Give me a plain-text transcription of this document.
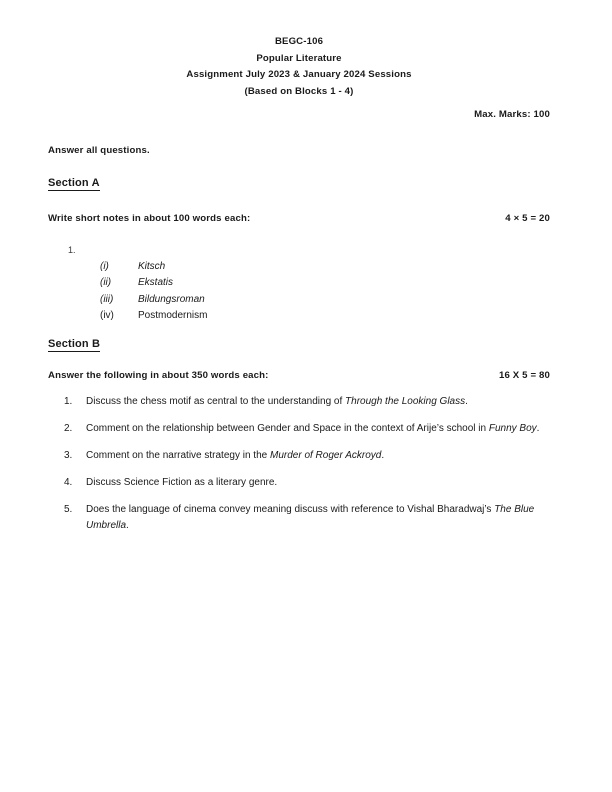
BEGC-106
Popular Literature
Assignment July 2023 & January 2024 Sessions
(Based on Blocks 1 - 4)
Max. Marks: 100
Answer all questions.
Section A
Write short notes in about 100 words each:	4 × 5 = 20
1.
(i)	Kitsch
(ii)	Ekstatis
(iii)	Bildungsroman
(iv)	Postmodernism
Section B
Answer the following in about 350 words each:	16 X 5 = 80
1. Discuss the chess motif as central to the understanding of Through the Looking Glass.
2. Comment on the relationship between Gender and Space in the context of Arije’s school in Funny Boy.
3. Comment on the narrative strategy in the Murder of Roger Ackroyd.
4. Discuss Science Fiction as a literary genre.
5. Does the language of cinema convey meaning discuss with reference to Vishal Bharadwaj’s The Blue Umbrella.
